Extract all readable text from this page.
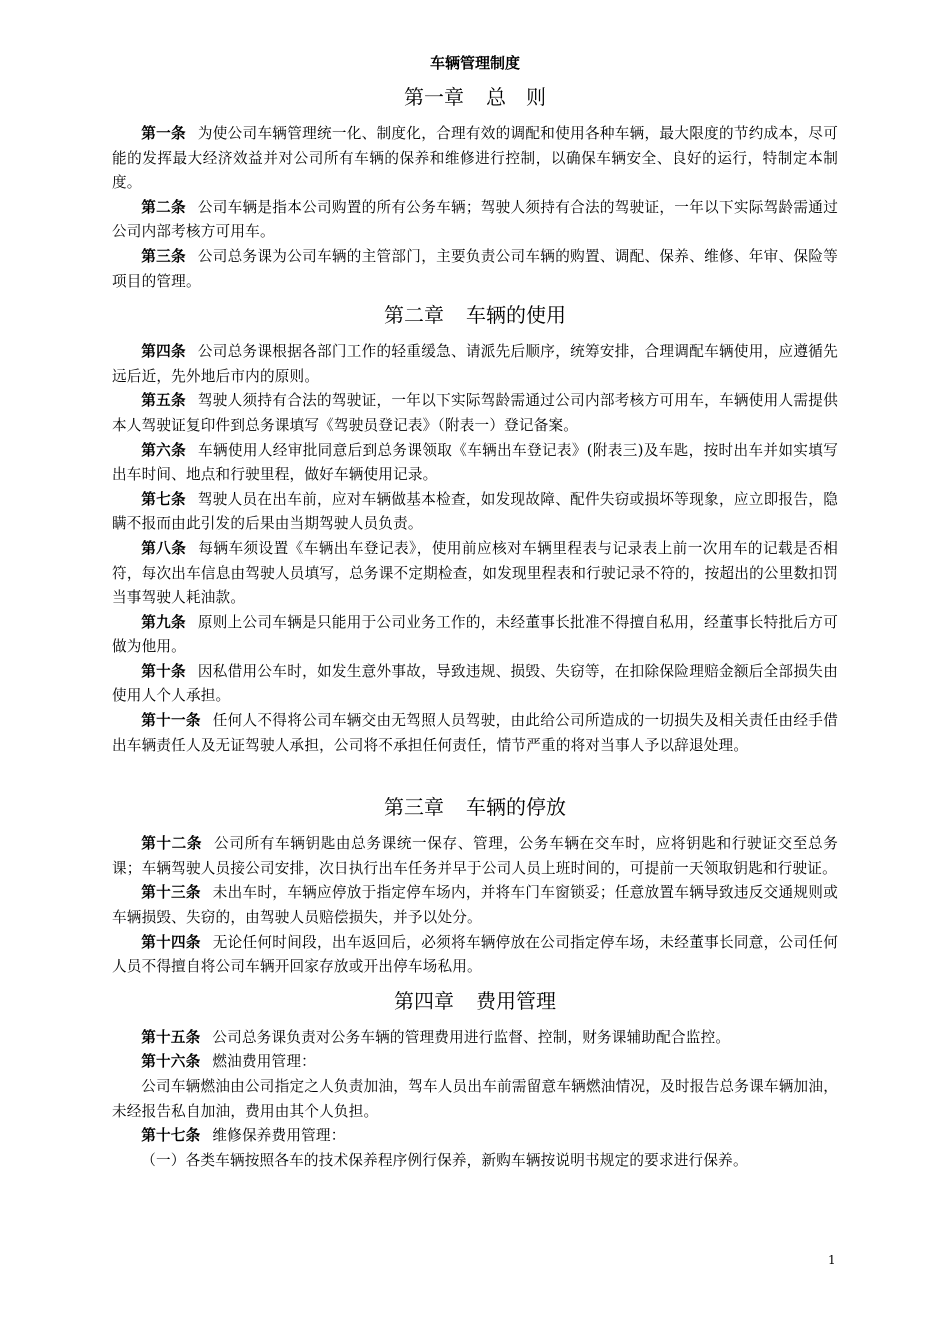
车辆管理制度
第一章 总　则

第一条 为使公司车辆管理统一化、制度化，合理有效的调配和使用各种车辆，最大限度的节约成本，尽可能的发挥最大经济效益并对公司所有车辆的保养和维修进行控制，以确保车辆安全、良好的运行，特制定本制度。

第二条 公司车辆是指本公司购置的所有公务车辆；驾驶人须持有合法的驾驶证，一年以下实际驾龄需通过公司内部考核方可用车。

第三条 公司总务课为公司车辆的主管部门，主要负责公司车辆的购置、调配、保养、维修、年审、保险等项目的管理。

第二章 车辆的使用

第四条 公司总务课根据各部门工作的轻重缓急、请派先后顺序，统筹安排，合理调配车辆使用，应遵循先远后近，先外地后市内的原则。

第五条 驾驶人须持有合法的驾驶证，一年以下实际驾龄需通过公司内部考核方可用车，车辆使用人需提供本人驾驶证复印件到总务课填写《驾驶员登记表》（附表一）登记备案。

第六条 车辆使用人经审批同意后到总务课领取《车辆出车登记表》(附表三)及车匙，按时出车并如实填写出车时间、地点和行驶里程，做好车辆使用记录。

第七条 驾驶人员在出车前，应对车辆做基本检查，如发现故障、配件失窃或损坏等现象，应立即报告，隐瞒不报而由此引发的后果由当期驾驶人员负责。

第八条 每辆车须设置《车辆出车登记表》，使用前应核对车辆里程表与记录表上前一次用车的记载是否相符，每次出车信息由驾驶人员填写，总务课不定期检查，如发现里程表和行驶记录不符的，按超出的公里数扣罚当事驾驶人耗油款。

第九条 原则上公司车辆是只能用于公司业务工作的，未经董事长批准不得擅自私用，经董事长特批后方可做为他用。

第十条 因私借用公车时，如发生意外事故，导致违规、损毁、失窃等，在扣除保险理赔金额后全部损失由使用人个人承担。

第十一条 任何人不得将公司车辆交由无驾照人员驾驶，由此给公司所造成的一切损失及相关责任由经手借出车辆责任人及无证驾驶人承担，公司将不承担任何责任，情节严重的将对当事人予以辞退处理。

第三章 车辆的停放

第十二条 公司所有车辆钥匙由总务课统一保存、管理，公务车辆在交车时，应将钥匙和行驶证交至总务课；车辆驾驶人员接公司安排，次日执行出车任务并早于公司人员上班时间的，可提前一天领取钥匙和行驶证。

第十三条 未出车时，车辆应停放于指定停车场内，并将车门车窗锁妥；任意放置车辆导致违反交通规则或车辆损毁、失窃的，由驾驶人员赔偿损失，并予以处分。

第十四条 无论任何时间段，出车返回后，必须将车辆停放在公司指定停车场，未经董事长同意，公司任何人员不得擅自将公司车辆开回家存放或开出停车场私用。

第四章 费用管理

第十五条 公司总务课负责对公务车辆的管理费用进行监督、控制，财务课辅助配合监控。

第十六条 燃油费用管理：

公司车辆燃油由公司指定之人负责加油，驾车人员出车前需留意车辆燃油情况，及时报告总务课车辆加油，未经报告私自加油，费用由其个人负担。

第十七条 维修保养费用管理：

（一）各类车辆按照各车的技术保养程序例行保养，新购车辆按说明书规定的要求进行保养。

1
